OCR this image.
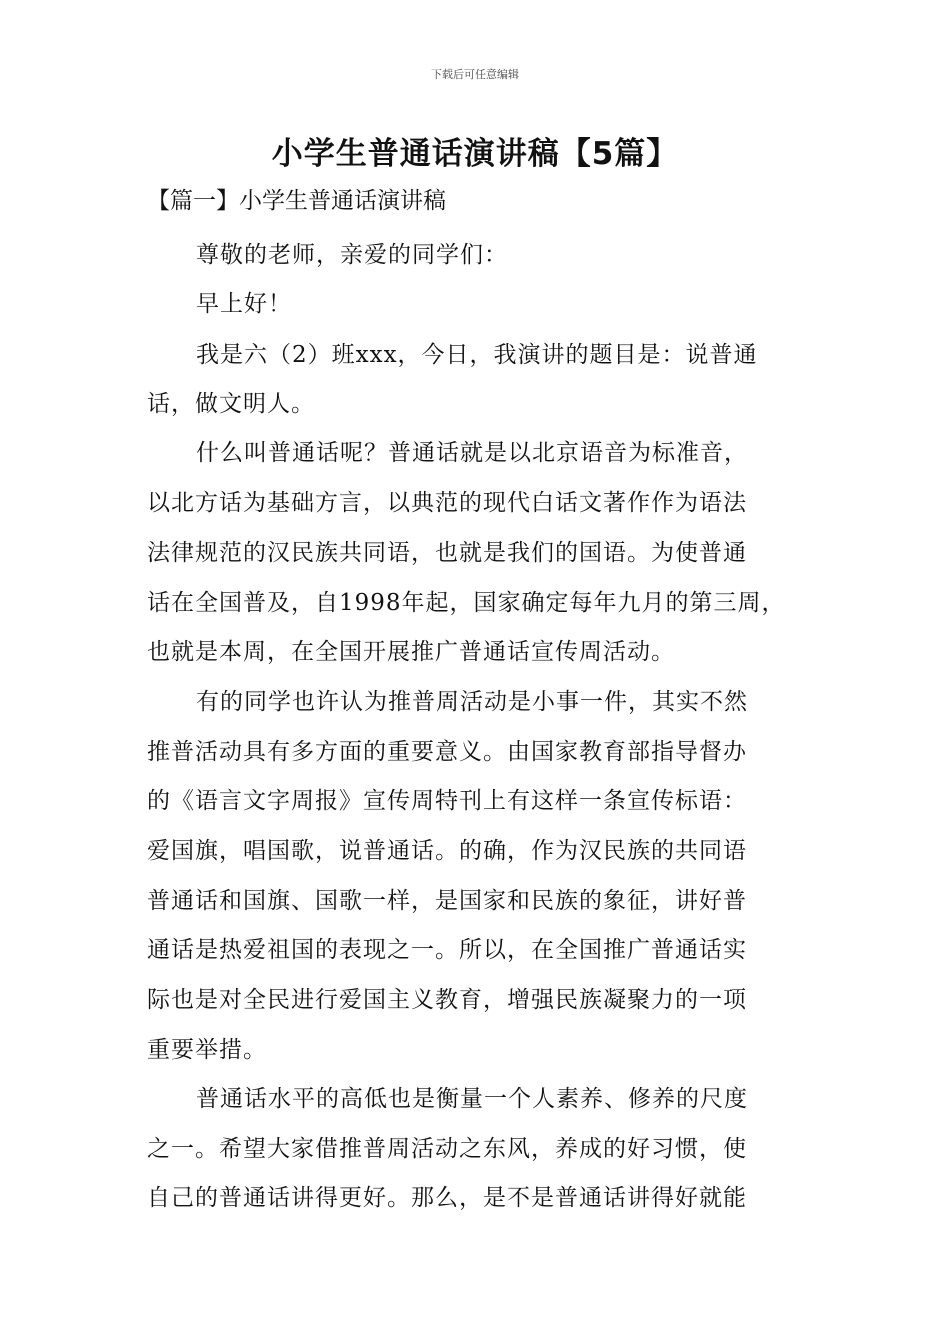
下载后可任意编辑
小学生普通话演讲稿【5篇】
【篇一】小学生普通话演讲稿
尊敬的老师，亲爱的同学们：
早上好！
我是六（2）班xxx，今日，我演讲的题目是：说普通
话，做文明人。
什么叫普通话呢？普通话就是以北京语音为标准音，
以北方话为基础方言，以典范的现代白话文著作作为语法
法律规范的汉民族共同语，也就是我们的国语。为使普通
话在全国普及，自1998年起，国家确定每年九月的第三周，
也就是本周，在全国开展推广普通话宣传周活动。
有的同学也许认为推普周活动是小事一件，其实不然
推普活动具有多方面的重要意义。由国家教育部指导督办
的《语言文字周报》宣传周特刊上有这样一条宣传标语：
爱国旗，唱国歌，说普通话。的确，作为汉民族的共同语
普通话和国旗、国歌一样，是国家和民族的象征，讲好普
通话是热爱祖国的表现之一。所以，在全国推广普通话实
际也是对全民进行爱国主义教育，增强民族凝聚力的一项
重要举措。
普通话水平的高低也是衡量一个人素养、修养的尺度
之一。希望大家借推普周活动之东风，养成的好习惯，使
自己的普通话讲得更好。那么，是不是普通话讲得好就能
